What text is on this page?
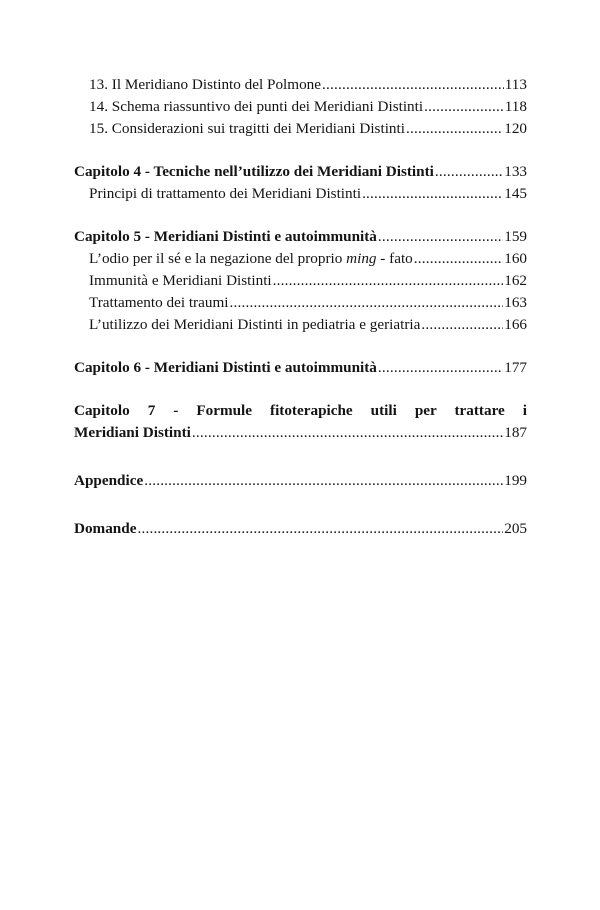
13. Il Meridiano Distinto del Polmone .....	113
14. Schema riassuntivo dei punti dei Meridiani Distinti .....	118
15. Considerazioni sui tragitti dei Meridiani Distinti .....	120
Capitolo 4 - Tecniche nell’utilizzo dei Meridiani Distinti .....	133
Principi di trattamento dei Meridiani Distinti .....	145
Capitolo 5 - Meridiani Distinti e autoimmunità .....	159
L’odio per il sé e la negazione del proprio ming - fato .....	160
Immunità e Meridiani Distinti .....	162
Trattamento dei traumi .....	163
L’utilizzo dei Meridiani Distinti in pediatria e geriatria .....	166
Capitolo 6 - Meridiani Distinti e autoimmunità .....	177
Capitolo 7 - Formule fitoterapiche utili per trattare i
Meridiani Distinti .....	187
Appendice .....	199
Domande .....	205
